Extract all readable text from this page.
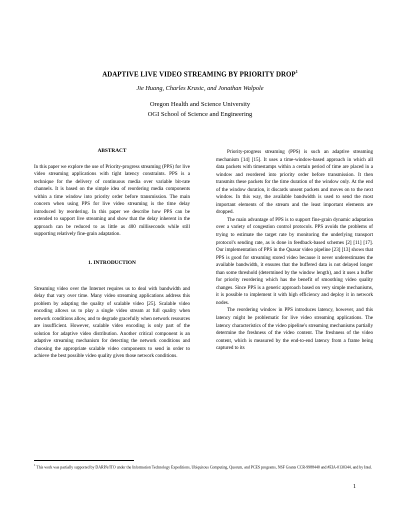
ADAPTIVE LIVE VIDEO STREAMING BY PRIORITY DROP$^1$
Jie Huang, Charles Krasic, and Jonathan Walpole
Oregon Health and Science University
OGI School of Science and Engineering
ABSTRACT

In this paper we explore the use of Priority-progress streaming (PPS) for live video streaming applications with tight latency constraints. PPS is a technique for the delivery of continuous media over variable bit-rate channels. It is based on the simple idea of reordering media components within a time window into priority order before transmission. The main concern when using PPS for live video streaming is the time delay introduced by reordering. In this paper we describe how PPS can be extended to support live streaming and show that the delay inherent in the approach can be reduced to as little as 400 milliseconds while still supporting relatively fine-grain adaptation.

1. INTRODUCTION

Streaming video over the Internet requires us to deal with bandwidth and delay that vary over time. Many video streaming applications address this problem by adapting the quality of scalable video [25]. Scalable video encoding allows us to play a single video stream at full quality when network conditions allow, and to degrade gracefully when network resources are insufficient. However, scalable video encoding is only part of the solution for adaptive video distribution. Another critical component is an adaptive streaming mechanism for detecting the network conditions and choosing the appropriate scalable video components to send in order to achieve the best possible video quality given those network conditions.

Priority-progress streaming (PPS) is such an adaptive streaming mechanism [14] [15]. It uses a time-window-based approach in which all data packets with timestamps within a certain period of time are placed in a window and reordered into priority order before transmission. It then transmits these packets for the time duration of the window only. At the end of the window duration, it discards unsent packets and moves on to the next window. In this way, the available bandwidth is used to send the most important elements of the stream and the least important elements are dropped.

The main advantage of PPS is to support fine-grain dynamic adaptation over a variety of congestion control protocols. PPS avoids the problems of trying to estimate the target rate by monitoring the underlying transport protocol's sending rate, as is done in feedback-based schemes [2] [11] [17]. Our implementation of PPS in the Quasar video pipeline [23] [13] shows that PPS is good for streaming stored video because it never underestimates the available bandwidth, it ensures that the buffered data is not delayed longer than some threshold (determined by the window length), and it uses a buffer for priority reordering which has the benefit of smoothing video quality changes. Since PPS is a generic approach based on very simple mechanisms, it is possible to implement it with high efficiency and deploy it in network nodes.

The reordering window in PPS introduces latency, however, and this latency might be problematic for live video streaming applications. The latency characteristics of the video pipeline's streaming mechanisms partially determine the freshness of the video content. The freshness of the video content, which is measured by the end-to-end latency from a frame being captured to its

$^1$ This work was partially supported by DARPA/ITO under the Information Technology Expeditions, Ubiquitous Computing, Quorum, and PCES programs, NSF Grants CCR-9988440 and #EIA-0130344, and by Intel.
1
